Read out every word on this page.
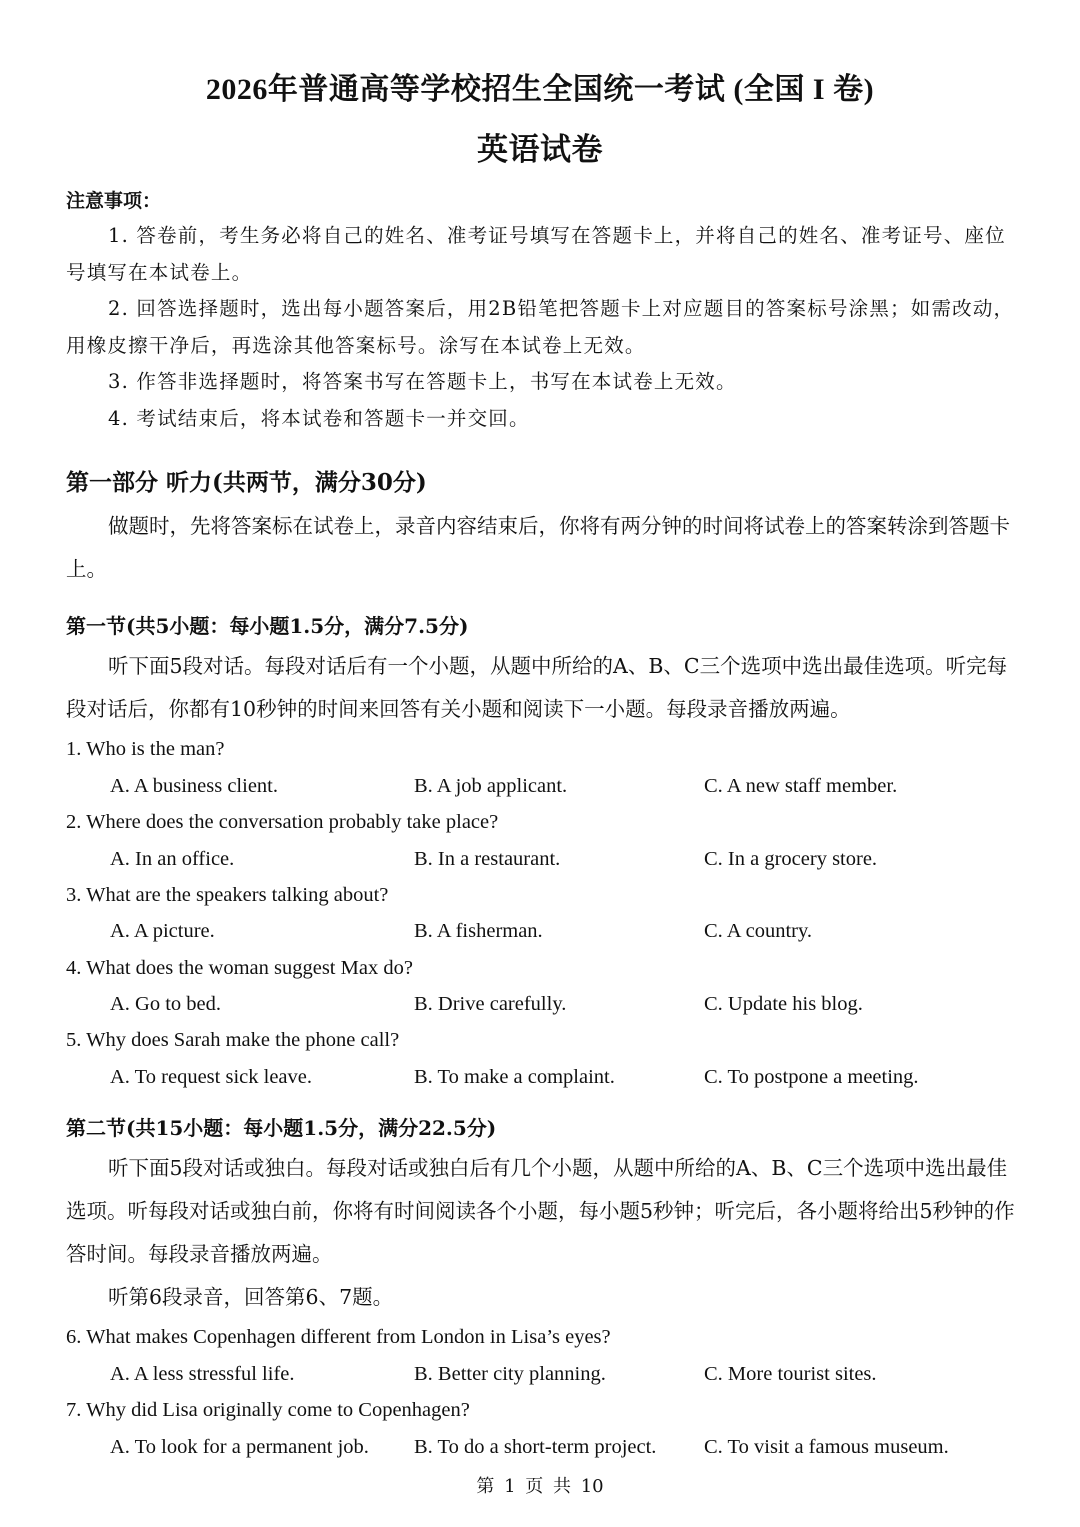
2026年普通高等学校招生全国统一考试 (全国 I 卷)
英语试卷
注意事项：

1. 答卷前，考生务必将自己的姓名、准考证号填写在答题卡上，并将自己的姓名、准考证号、座位号填写在本试卷上。

2. 回答选择题时，选出每小题答案后，用2B铅笔把答题卡上对应题目的答案标号涂黑；如需改动，用橡皮擦干净后，再选涂其他答案标号。涂写在本试卷上无效。

3. 作答非选择题时，将答案书写在答题卡上，书写在本试卷上无效。

4. 考试结束后，将本试卷和答题卡一并交回。

第一部分 听力(共两节，满分30分)

做题时，先将答案标在试卷上，录音内容结束后，你将有两分钟的时间将试卷上的答案转涂到答题卡上。

第一节(共5小题：每小题1.5分，满分7.5分)

听下面5段对话。每段对话后有一个小题，从题中所给的A、B、C三个选项中选出最佳选项。听完每段对话后，你都有10秒钟的时间来回答有关小题和阅读下一小题。每段录音播放两遍。

1. Who is the man?
A. A business client.	B. A job applicant.	C. A new staff member.
2. Where does the conversation probably take place?
A. In an office.	B. In a restaurant.	C. In a grocery store.
3. What are the speakers talking about?
A. A picture.	B. A fisherman.	C. A country.
4. What does the woman suggest Max do?
A. Go to bed.	B. Drive carefully.	C. Update his blog.
5. Why does Sarah make the phone call?
A. To request sick leave.	B. To make a complaint.	C. To postpone a meeting.
第二节(共15小题：每小题1.5分，满分22.5分)

听下面5段对话或独白。每段对话或独白后有几个小题，从题中所给的A、B、C三个选项中选出最佳选项。听每段对话或独白前，你将有时间阅读各个小题，每小题5秒钟；听完后，各小题将给出5秒钟的作答时间。每段录音播放两遍。

听第6段录音，回答第6、7题。

6. What makes Copenhagen different from London in Lisa’s eyes?
A. A less stressful life.	B. Better city planning.	C. More tourist sites.
7. Why did Lisa originally come to Copenhagen?
A. To look for a permanent job. B. To do a short-term project. C. To visit a famous museum.
第 1 页 共 10
